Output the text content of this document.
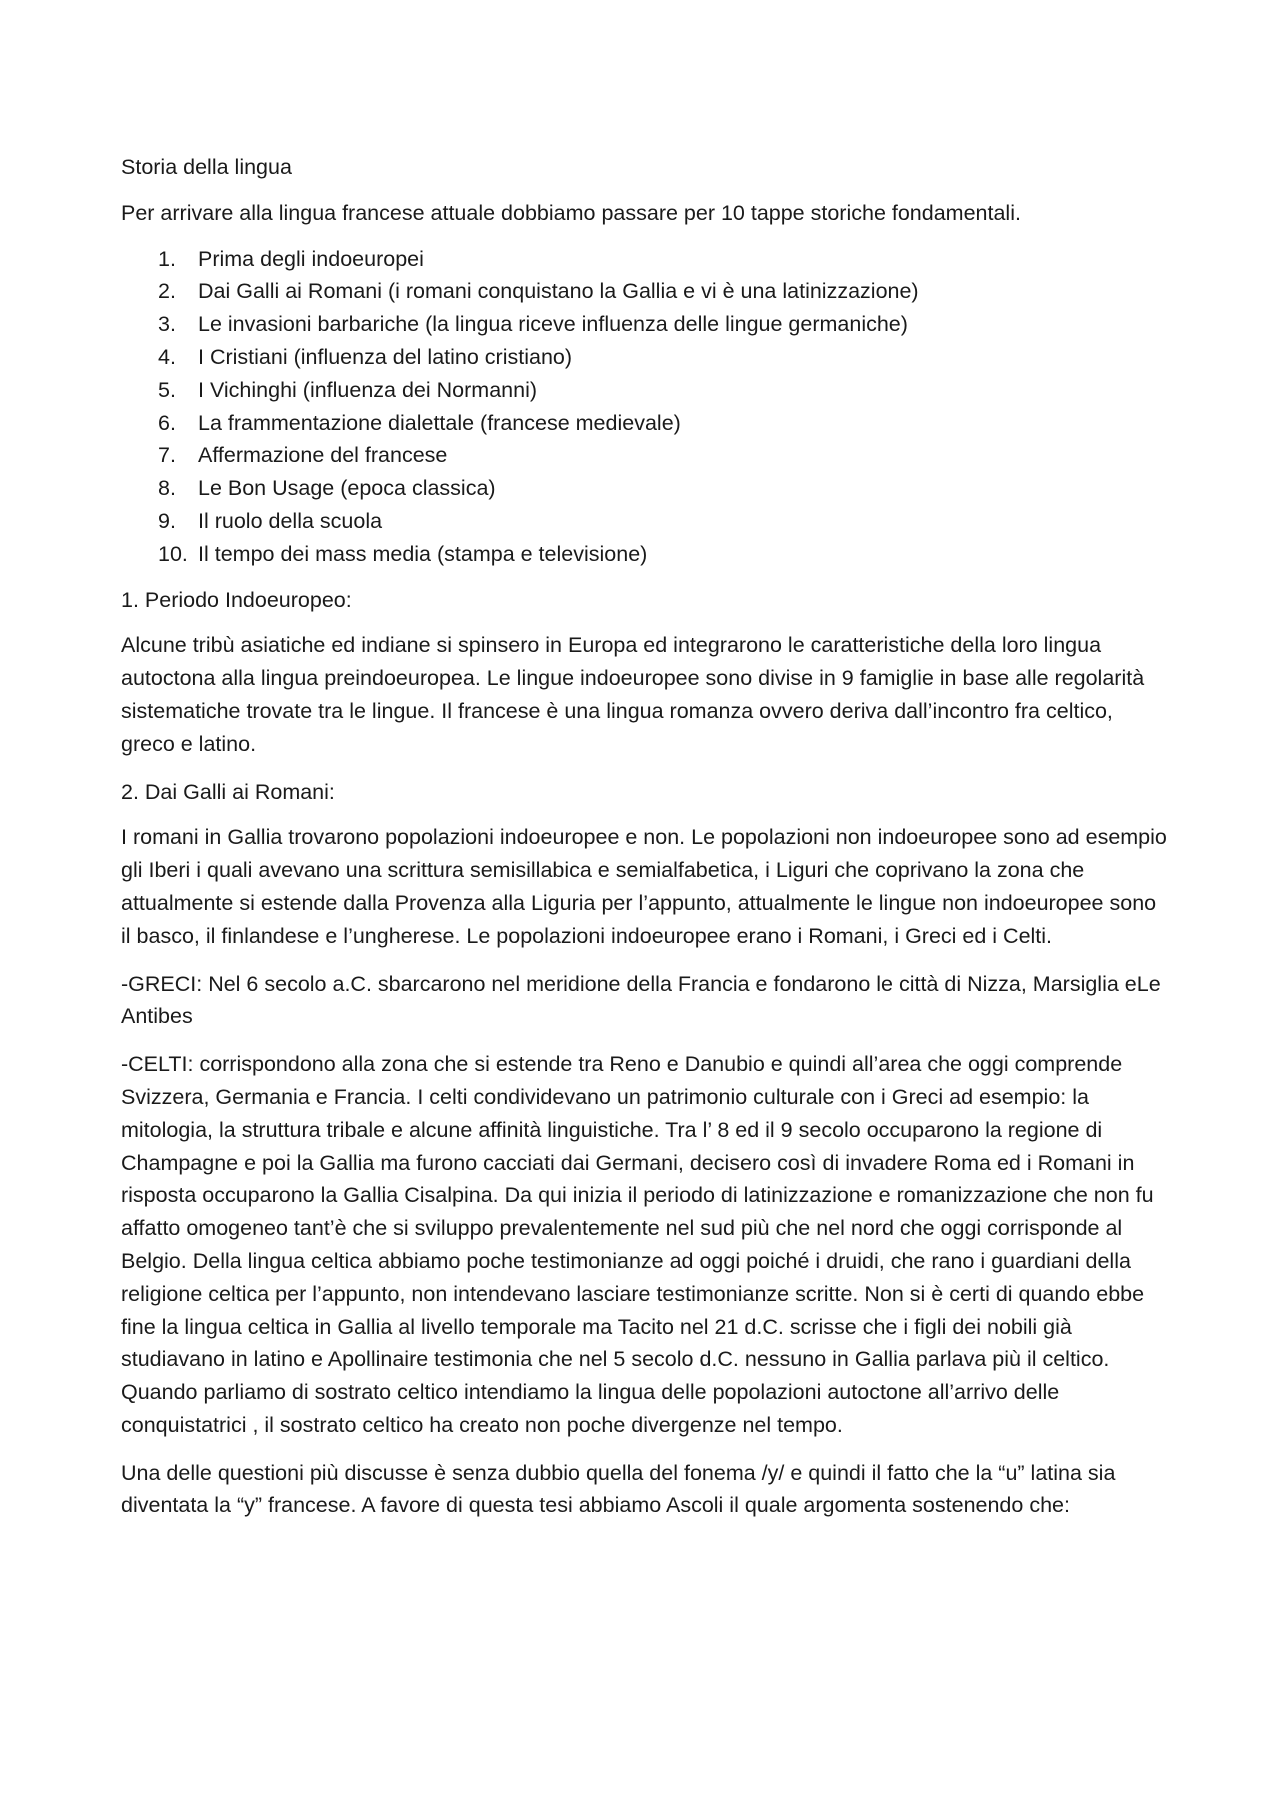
Storia della lingua

Per arrivare alla lingua francese attuale dobbiamo passare per 10 tappe storiche fondamentali.

1. Prima degli indoeuropei
2. Dai Galli ai Romani (i romani conquistano la Gallia e vi è una latinizzazione)
3. Le invasioni barbariche (la lingua riceve influenza delle lingue germaniche)
4. I Cristiani (influenza del latino cristiano)
5. I Vichinghi (influenza dei Normanni)
6. La frammentazione dialettale (francese medievale)
7. Affermazione del francese
8. Le Bon Usage (epoca classica)
9. Il ruolo della scuola
10. Il tempo dei mass media (stampa e televisione)

1. Periodo Indoeuropeo:

Alcune tribù asiatiche ed indiane si spinsero in Europa ed integrarono le caratteristiche della loro lingua autoctona alla lingua preindoeuropea. Le lingue indoeuropee sono divise in 9 famiglie in base alle regolarità sistematiche trovate tra le lingue. Il francese è una lingua romanza ovvero deriva dall’incontro fra celtico, greco e latino.

2. Dai Galli ai Romani:

I romani in Gallia trovarono popolazioni indoeuropee e non. Le popolazioni non indoeuropee sono ad esempio gli Iberi i quali avevano una scrittura semisillabica e semialfabetica, i Liguri che coprivano la zona che attualmente si estende dalla Provenza alla Liguria per l’appunto, attualmente le lingue non indoeuropee sono il basco, il finlandese e l’ungherese. Le popolazioni indoeuropee erano i Romani, i Greci ed i Celti.

-GRECI: Nel 6 secolo a.C. sbarcarono nel meridione della Francia e fondarono le città di Nizza, Marsiglia eLe Antibes

-CELTI: corrispondono alla zona che si estende tra Reno e Danubio e quindi all’area che oggi comprende Svizzera, Germania e Francia. I celti condividevano un patrimonio culturale con i Greci ad esempio: la mitologia, la struttura tribale e alcune affinità linguistiche. Tra l’ 8 ed il 9 secolo occuparono la regione di Champagne e poi la Gallia ma furono cacciati dai Germani, decisero così di invadere Roma ed i Romani in risposta occuparono la Gallia Cisalpina. Da qui inizia il periodo di latinizzazione e romanizzazione che non fu affatto omogeneo tant’è che si sviluppo prevalentemente nel sud più che nel nord che oggi corrisponde al Belgio. Della lingua celtica abbiamo poche testimonianze ad oggi poiché i druidi, che rano i guardiani della religione celtica per l’appunto, non intendevano lasciare testimonianze scritte. Non si è certi di quando ebbe fine la lingua celtica in Gallia al livello temporale ma Tacito nel 21 d.C. scrisse che i figli dei nobili già studiavano in latino e Apollinaire testimonia che nel 5 secolo d.C. nessuno in Gallia parlava più il celtico. Quando parliamo di sostrato celtico intendiamo la lingua delle popolazioni autoctone all’arrivo delle conquistatrici , il sostrato celtico ha creato non poche divergenze nel tempo.

Una delle questioni più discusse è senza dubbio quella del fonema /y/ e quindi il fatto che la “u” latina sia diventata la “y” francese. A favore di questa tesi abbiamo Ascoli il quale argomenta sostenendo che:
